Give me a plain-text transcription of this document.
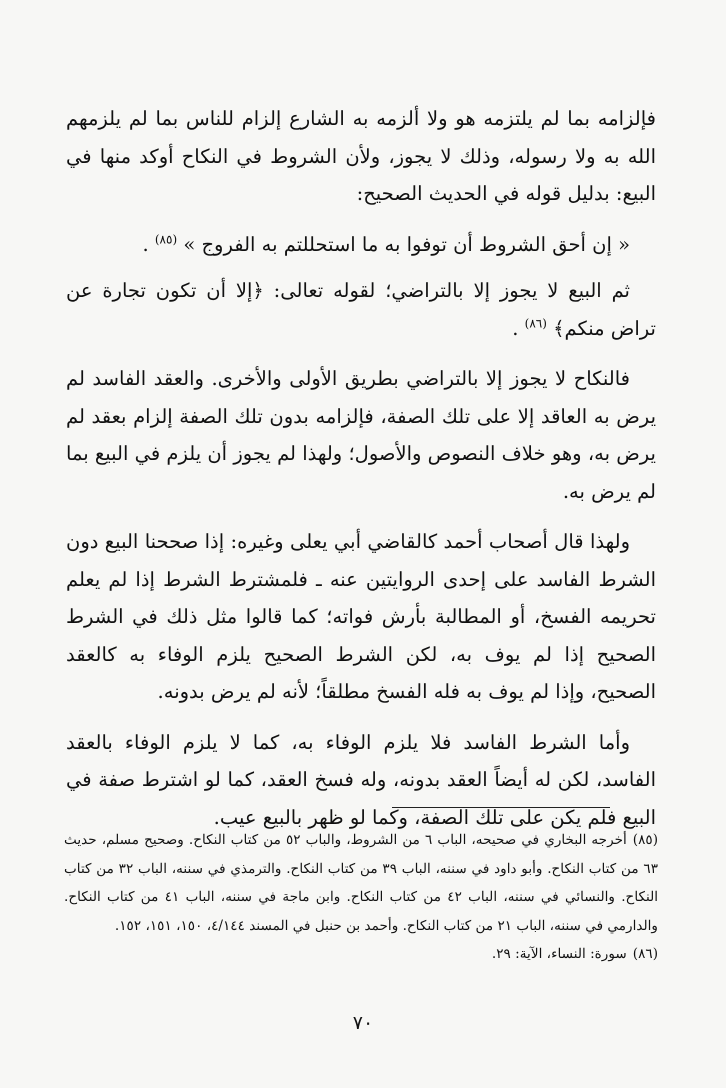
فإلزامه بما لم يلتزمه هو ولا ألزمه به الشارع إلزام للناس بما لم يلزمهم الله به ولا رسوله، وذلك لا يجوز، ولأن الشروط في النكاح أوكد منها في البيع: بدليل قوله في الحديث الصحيح:

« إن أحق الشروط أن توفوا به ما استحللتم به الفروج » $^{(٨٥)}$ .

ثم البيع لا يجوز إلا بالتراضي؛ لقوله تعالى: ﴿إلا أن تكون تجارة عن تراض منكم﴾ $^{(٨٦)}$ .

فالنكاح لا يجوز إلا بالتراضي بطريق الأولى والأخرى. والعقد الفاسد لم يرض به العاقد إلا على تلك الصفة، فإلزامه بدون تلك الصفة إلزام بعقد لم يرض به، وهو خلاف النصوص والأصول؛ ولهذا لم يجوز أن يلزم في البيع بما لم يرض به.

ولهذا قال أصحاب أحمد كالقاضي أبي يعلى وغيره: إذا صححنا البيع دون الشرط الفاسد على إحدى الروايتين عنه ـ فلمشترط الشرط إذا لم يعلم تحريمه الفسخ، أو المطالبة بأرش فواته؛ كما قالوا مثل ذلك في الشرط الصحيح إذا لم يوف به، لكن الشرط الصحيح يلزم الوفاء به كالعقد الصحيح، وإذا لم يوف به فله الفسخ مطلقاً؛ لأنه لم يرض بدونه.

وأما الشرط الفاسد فلا يلزم الوفاء به، كما لا يلزم الوفاء بالعقد الفاسد، لكن له أيضاً العقد بدونه، وله فسخ العقد، كما لو اشترط صفة في البيع فلم يكن على تلك الصفة، وكما لو ظهر بالبيع عيب.

(٨٥)أخرجه البخاري في صحيحه، الباب ٦ من الشروط، والباب ٥٢ من كتاب النكاح. وصحيح مسلم، حديث ٦٣ من كتاب النكاح. وأبو داود في سننه، الباب ٣٩ من كتاب النكاح. والترمذي في سننه، الباب ٣٢ من كتاب النكاح. والنسائي في سننه، الباب ٤٢ من كتاب النكاح. وابن ماجة في سننه، الباب ٤١ من كتاب النكاح. والدارمي في سننه، الباب ٢١ من كتاب النكاح. وأحمد بن حنبل في المسند ٤/١٤٤، ١٥٠، ١٥١، ١٥٢.

(٨٦)سورة: النساء، الآية: ٢٩.

٧٠
